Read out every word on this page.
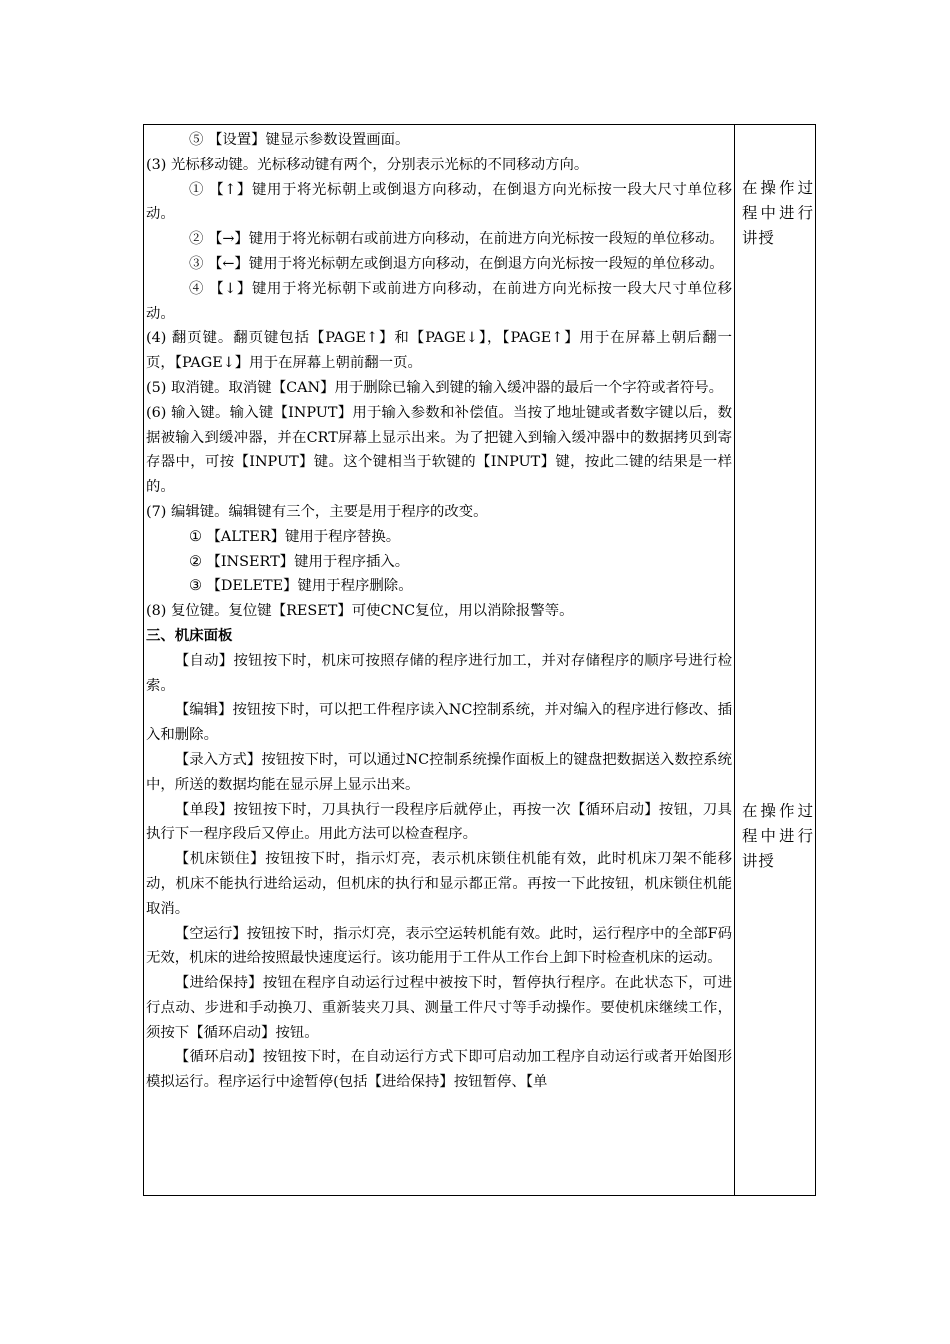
⑤ 【设置】键显示参数设置画面。

(3) 光标移动键。光标移动键有两个，分别表示光标的不同移动方向。

① 【↑】键用于将光标朝上或倒退方向移动，在倒退方向光标按一段大尺寸单位移动。

② 【→】键用于将光标朝右或前进方向移动，在前进方向光标按一段短的单位移动。

③ 【←】键用于将光标朝左或倒退方向移动，在倒退方向光标按一段短的单位移动。

④ 【↓】键用于将光标朝下或前进方向移动，在前进方向光标按一段大尺寸单位移动。

(4) 翻页键。翻页键包括【PAGE↑】和【PAGE↓】，【PAGE↑】用于在屏幕上朝后翻一页，【PAGE↓】用于在屏幕上朝前翻一页。

(5) 取消键。取消键【CAN】用于删除已输入到键的输入缓冲器的最后一个字符或者符号。

(6) 输入键。输入键【INPUT】用于输入参数和补偿值。当按了地址键或者数字键以后，数据被输入到缓冲器，并在CRT屏幕上显示出来。为了把键入到输入缓冲器中的数据拷贝到寄存器中，可按【INPUT】键。这个键相当于软键的【INPUT】键，按此二键的结果是一样的。

(7) 编辑键。编辑键有三个，主要是用于程序的改变。

① 【ALTER】键用于程序替换。

② 【INSERT】键用于程序插入。

③ 【DELETE】键用于程序删除。

(8) 复位键。复位键【RESET】可使CNC复位，用以消除报警等。

三、机床面板

【自动】按钮按下时，机床可按照存储的程序进行加工，并对存储程序的顺序号进行检索。

【编辑】按钮按下时，可以把工件程序读入NC控制系统，并对编入的程序进行修改、插入和删除。

【录入方式】按钮按下时，可以通过NC控制系统操作面板上的键盘把数据送入数控系统中，所送的数据均能在显示屏上显示出来。

【单段】按钮按下时，刀具执行一段程序后就停止，再按一次【循环启动】按钮，刀具执行下一程序段后又停止。用此方法可以检查程序。

【机床锁住】按钮按下时，指示灯亮，表示机床锁住机能有效，此时机床刀架不能移动，机床不能执行进给运动，但机床的执行和显示都正常。再按一下此按钮，机床锁住机能取消。

【空运行】按钮按下时，指示灯亮，表示空运转机能有效。此时，运行程序中的全部F码无效，机床的进给按照最快速度运行。该功能用于工件从工作台上卸下时检查机床的运动。

【进给保持】按钮在程序自动运行过程中被按下时，暂停执行程序。在此状态下，可进行点动、步进和手动换刀、重新装夹刀具、测量工件尺寸等手动操作。要使机床继续工作，须按下【循环启动】按钮。

【循环启动】按钮按下时，在自动运行方式下即可启动加工程序自动运行或者开始图形模拟运行。程序运行中途暂停(包括【进给保持】按钮暂停、【单

在操作过程中进行讲授
在操作过程中进行讲授
